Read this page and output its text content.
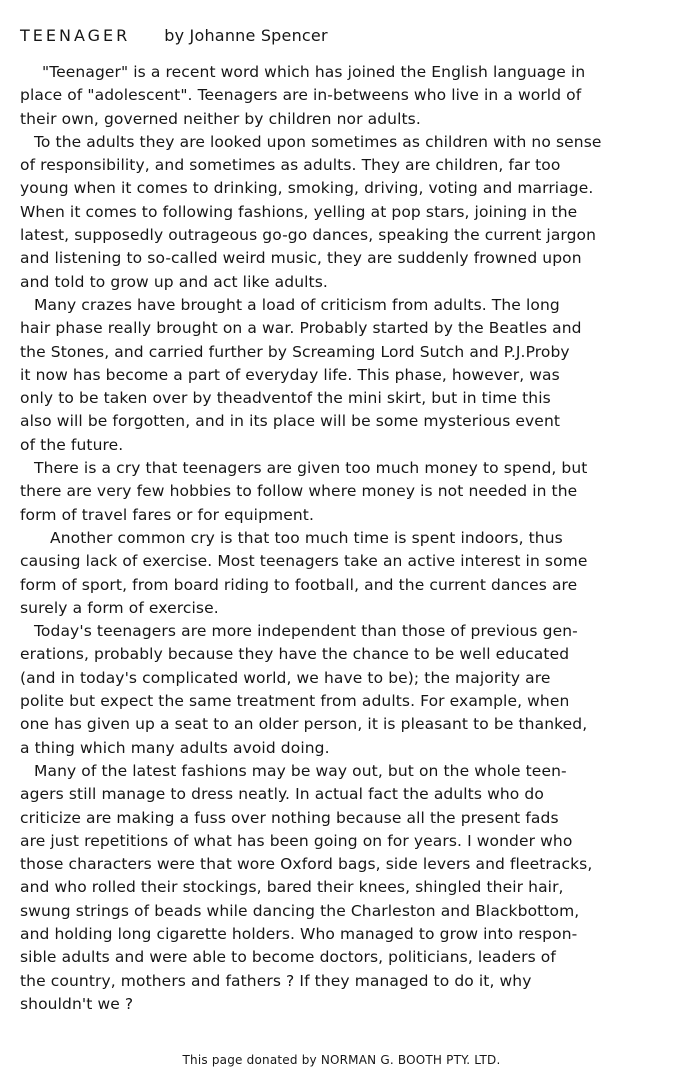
TEENAGER by Johanne Spencer
"Teenager" is a recent word which has joined the English language in
place of "adolescent". Teenagers are in-betweens who live in a world of
their own, governed neither by children nor adults.
To the adults they are looked upon sometimes as children with no sense
of responsibility, and sometimes as adults. They are children, far too
young when it comes to drinking, smoking, driving, voting and marriage.
When it comes to following fashions, yelling at pop stars, joining in the
latest, supposedly outrageous go-go dances, speaking the current jargon
and listening to so-called weird music, they are suddenly frowned upon
and told to grow up and act like adults.
Many crazes have brought a load of criticism from adults. The long
hair phase really brought on a war. Probably started by the Beatles and
the Stones, and carried further by Screaming Lord Sutch and P.J.Proby
it now has become a part of everyday life. This phase, however, was
only to be taken over by theadventof the mini skirt, but in time this
also will be forgotten, and in its place will be some mysterious event
of the future.
There is a cry that teenagers are given too much money to spend, but
there are very few hobbies to follow where money is not needed in the
form of travel fares or for equipment.
Another common cry is that too much time is spent indoors, thus
causing lack of exercise. Most teenagers take an active interest in some
form of sport, from board riding to football, and the current dances are
surely a form of exercise.
Today's teenagers are more independent than those of previous gen-
erations, probably because they have the chance to be well educated
(and in today's complicated world, we have to be); the majority are
polite but expect the same treatment from adults. For example, when
one has given up a seat to an older person, it is pleasant to be thanked,
a thing which many adults avoid doing.
Many of the latest fashions may be way out, but on the whole teen-
agers still manage to dress neatly. In actual fact the adults who do
criticize are making a fuss over nothing because all the present fads
are just repetitions of what has been going on for years. I wonder who
those characters were that wore Oxford bags, side levers and fleetracks,
and who rolled their stockings, bared their knees, shingled their hair,
swung strings of beads while dancing the Charleston and Blackbottom,
and holding long cigarette holders. Who managed to grow into respon-
sible adults and were able to become doctors, politicians, leaders of
the country, mothers and fathers ? If they managed to do it, why
shouldn't we ?
This page donated by NORMAN G. BOOTH PTY. LTD.
